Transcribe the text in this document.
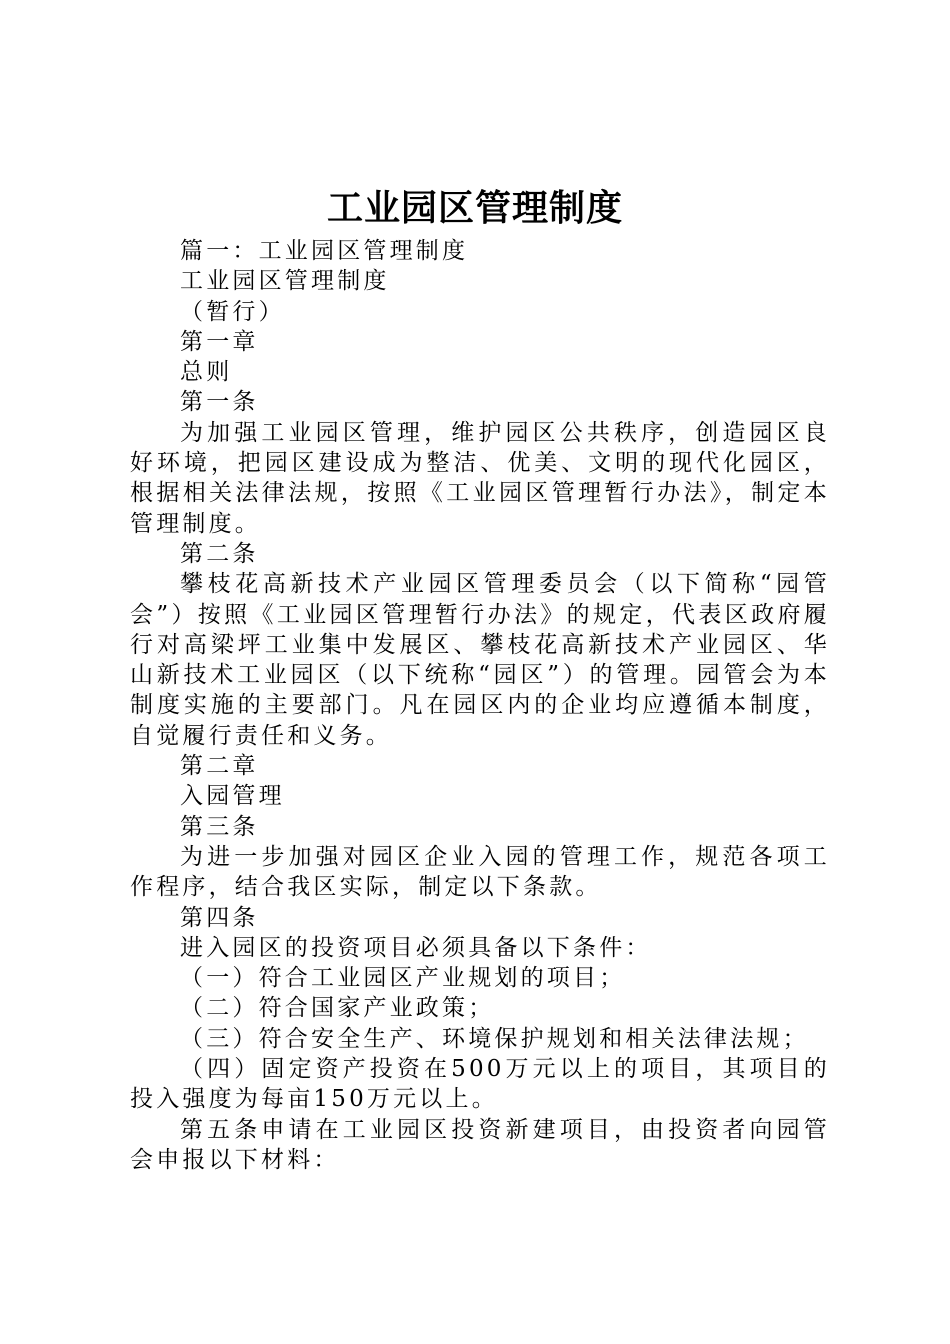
工业园区管理制度

篇一：工业园区管理制度

工业园区管理制度

（暂行）

第一章

总则

第一条

为加强工业园区管理，维护园区公共秩序，创造园区良好环境，把园区建设成为整洁、优美、文明的现代化园区，根据相关法律法规，按照《工业园区管理暂行办法》，制定本管理制度。

第二条

攀枝花高新技术产业园区管理委员会（以下简称“园管会”）按照《工业园区管理暂行办法》的规定，代表区政府履行对高梁坪工业集中发展区、攀枝花高新技术产业园区、华山新技术工业园区（以下统称“园区”）的管理。园管会为本制度实施的主要部门。凡在园区内的企业均应遵循本制度，自觉履行责任和义务。

第二章

入园管理

第三条

为进一步加强对园区企业入园的管理工作，规范各项工作程序，结合我区实际，制定以下条款。

第四条

进入园区的投资项目必须具备以下条件：

（一）符合工业园区产业规划的项目；

（二）符合国家产业政策；

（三）符合安全生产、环境保护规划和相关法律法规；

（四）固定资产投资在500万元以上的项目，其项目的投入强度为每亩150万元以上。

第五条申请在工业园区投资新建项目，由投资者向园管会申报以下材料：
